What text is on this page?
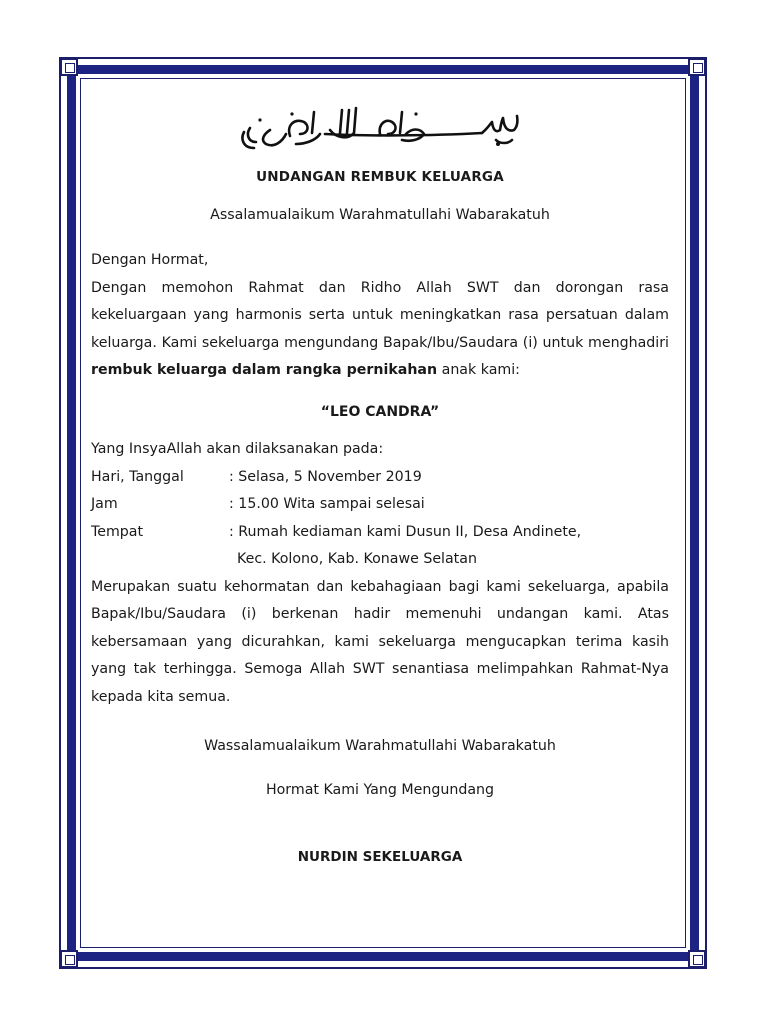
UNDANGAN REMBUK KELUARGA
Assalamualaikum Warahmatullahi Wabarakatuh
Dengan Hormat,
Dengan memohon Rahmat dan Ridho Allah SWT dan dorongan rasa kekeluargaan yang harmonis serta untuk meningkatkan rasa persatuan dalam keluarga. Kami sekeluarga mengundang Bapak/Ibu/Saudara (i) untuk menghadiri rembuk keluarga dalam rangka pernikahan anak kami:
“LEO CANDRA”
Yang InsyaAllah akan dilaksanakan pada:
Hari, Tanggal	: Selasa, 5 November 2019
Jam	: 15.00 Wita sampai selesai
Tempat	: Rumah kediaman kami Dusun II, Desa Andinete,
Kec. Kolono, Kab. Konawe Selatan
Merupakan suatu kehormatan dan kebahagiaan bagi kami sekeluarga, apabila Bapak/Ibu/Saudara (i) berkenan hadir memenuhi undangan kami. Atas kebersamaan yang dicurahkan, kami sekeluarga mengucapkan terima kasih yang tak terhingga. Semoga Allah SWT senantiasa melimpahkan Rahmat-Nya kepada kita semua.
Wassalamualaikum Warahmatullahi Wabarakatuh
Hormat Kami Yang Mengundang
NURDIN SEKELUARGA
